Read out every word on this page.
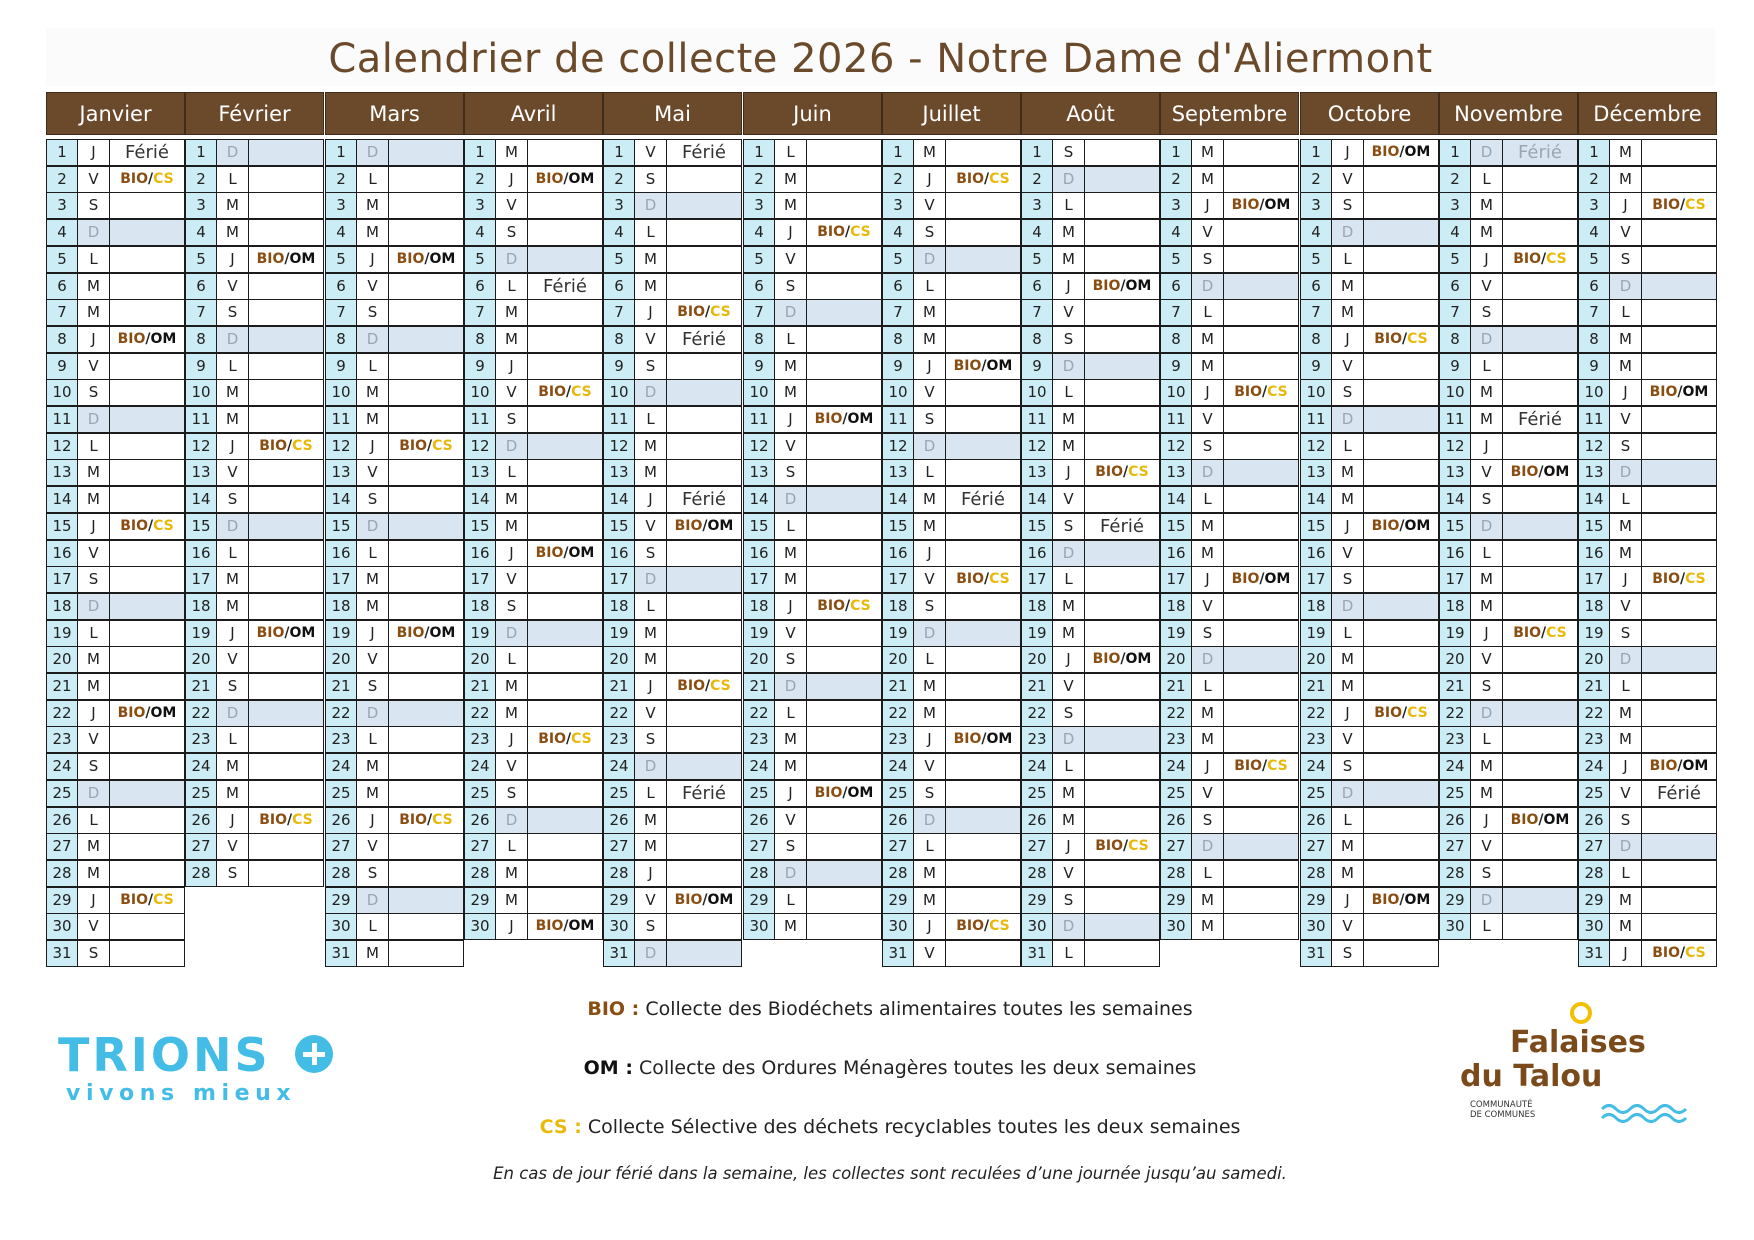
Calendrier de collecte 2026 - Notre Dame d'Aliermont
Janvier
1	J	Férié
2	V	BIO/CS
3	S
4	D
5	L
6	M
7	M
8	J	BIO/OM
9	V
10	S
11	D
12	L
13	M
14	M
15	J	BIO/CS
16	V
17	S
18	D
19	L
20	M
21	M
22	J	BIO/OM
23	V
24	S
25	D
26	L
27	M
28	M
29	J	BIO/CS
30	V
31	S
Février
1	D
2	L
3	M
4	M
5	J	BIO/OM
6	V
7	S
8	D
9	L
10	M
11	M
12	J	BIO/CS
13	V
14	S
15	D
16	L
17	M
18	M
19	J	BIO/OM
20	V
21	S
22	D
23	L
24	M
25	M
26	J	BIO/CS
27	V
28	S
Mars
1	D
2	L
3	M
4	M
5	J	BIO/OM
6	V
7	S
8	D
9	L
10	M
11	M
12	J	BIO/CS
13	V
14	S
15	D
16	L
17	M
18	M
19	J	BIO/OM
20	V
21	S
22	D
23	L
24	M
25	M
26	J	BIO/CS
27	V
28	S
29	D
30	L
31	M
Avril
1	M
2	J	BIO/OM
3	V
4	S
5	D
6	L	Férié
7	M
8	M
9	J
10	V	BIO/CS
11	S
12	D
13	L
14	M
15	M
16	J	BIO/OM
17	V
18	S
19	D
20	L
21	M
22	M
23	J	BIO/CS
24	V
25	S
26	D
27	L
28	M
29	M
30	J	BIO/OM
Mai
1	V	Férié
2	S
3	D
4	L
5	M
6	M
7	J	BIO/CS
8	V	Férié
9	S
10	D
11	L
12	M
13	M
14	J	Férié
15	V	BIO/OM
16	S
17	D
18	L
19	M
20	M
21	J	BIO/CS
22	V
23	S
24	D
25	L	Férié
26	M
27	M
28	J
29	V	BIO/OM
30	S
31	D
Juin
1	L
2	M
3	M
4	J	BIO/CS
5	V
6	S
7	D
8	L
9	M
10	M
11	J	BIO/OM
12	V
13	S
14	D
15	L
16	M
17	M
18	J	BIO/CS
19	V
20	S
21	D
22	L
23	M
24	M
25	J	BIO/OM
26	V
27	S
28	D
29	L
30	M
Juillet
1	M
2	J	BIO/CS
3	V
4	S
5	D
6	L
7	M
8	M
9	J	BIO/OM
10	V
11	S
12	D
13	L
14	M	Férié
15	M
16	J
17	V	BIO/CS
18	S
19	D
20	L
21	M
22	M
23	J	BIO/OM
24	V
25	S
26	D
27	L
28	M
29	M
30	J	BIO/CS
31	V
Août
1	S
2	D
3	L
4	M
5	M
6	J	BIO/OM
7	V
8	S
9	D
10	L
11	M
12	M
13	J	BIO/CS
14	V
15	S	Férié
16	D
17	L
18	M
19	M
20	J	BIO/OM
21	V
22	S
23	D
24	L
25	M
26	M
27	J	BIO/CS
28	V
29	S
30	D
31	L
Septembre
1	M
2	M
3	J	BIO/OM
4	V
5	S
6	D
7	L
8	M
9	M
10	J	BIO/CS
11	V
12	S
13	D
14	L
15	M
16	M
17	J	BIO/OM
18	V
19	S
20	D
21	L
22	M
23	M
24	J	BIO/CS
25	V
26	S
27	D
28	L
29	M
30	M
Octobre
1	J	BIO/OM
2	V
3	S
4	D
5	L
6	M
7	M
8	J	BIO/CS
9	V
10	S
11	D
12	L
13	M
14	M
15	J	BIO/OM
16	V
17	S
18	D
19	L
20	M
21	M
22	J	BIO/CS
23	V
24	S
25	D
26	L
27	M
28	M
29	J	BIO/OM
30	V
31	S
Novembre
1	D	Férié
2	L
3	M
4	M
5	J	BIO/CS
6	V
7	S
8	D
9	L
10	M
11	M	Férié
12	J
13	V	BIO/OM
14	S
15	D
16	L
17	M
18	M
19	J	BIO/CS
20	V
21	S
22	D
23	L
24	M
25	M
26	J	BIO/OM
27	V
28	S
29	D
30	L
Décembre
1	M
2	M
3	J	BIO/CS
4	V
5	S
6	D
7	L
8	M
9	M
10	J	BIO/OM
11	V
12	S
13	D
14	L
15	M
16	M
17	J	BIO/CS
18	V
19	S
20	D
21	L
22	M
23	M
24	J	BIO/OM
25	V	Férié
26	S
27	D
28	L
29	M
30	M
31	J	BIO/CS
BIO : Collecte des Biodéchets alimentaires toutes les semaines
OM : Collecte des Ordures Ménagères toutes les deux semaines
CS : Collecte Sélective des déchets recyclables toutes les deux semaines
En cas de jour férié dans la semaine, les collectes sont reculées d’une journée jusqu’au samedi.
TRIONS
vivons mieux
Falaises
du Talou
COMMUNAUTÉ
DE COMMUNES
